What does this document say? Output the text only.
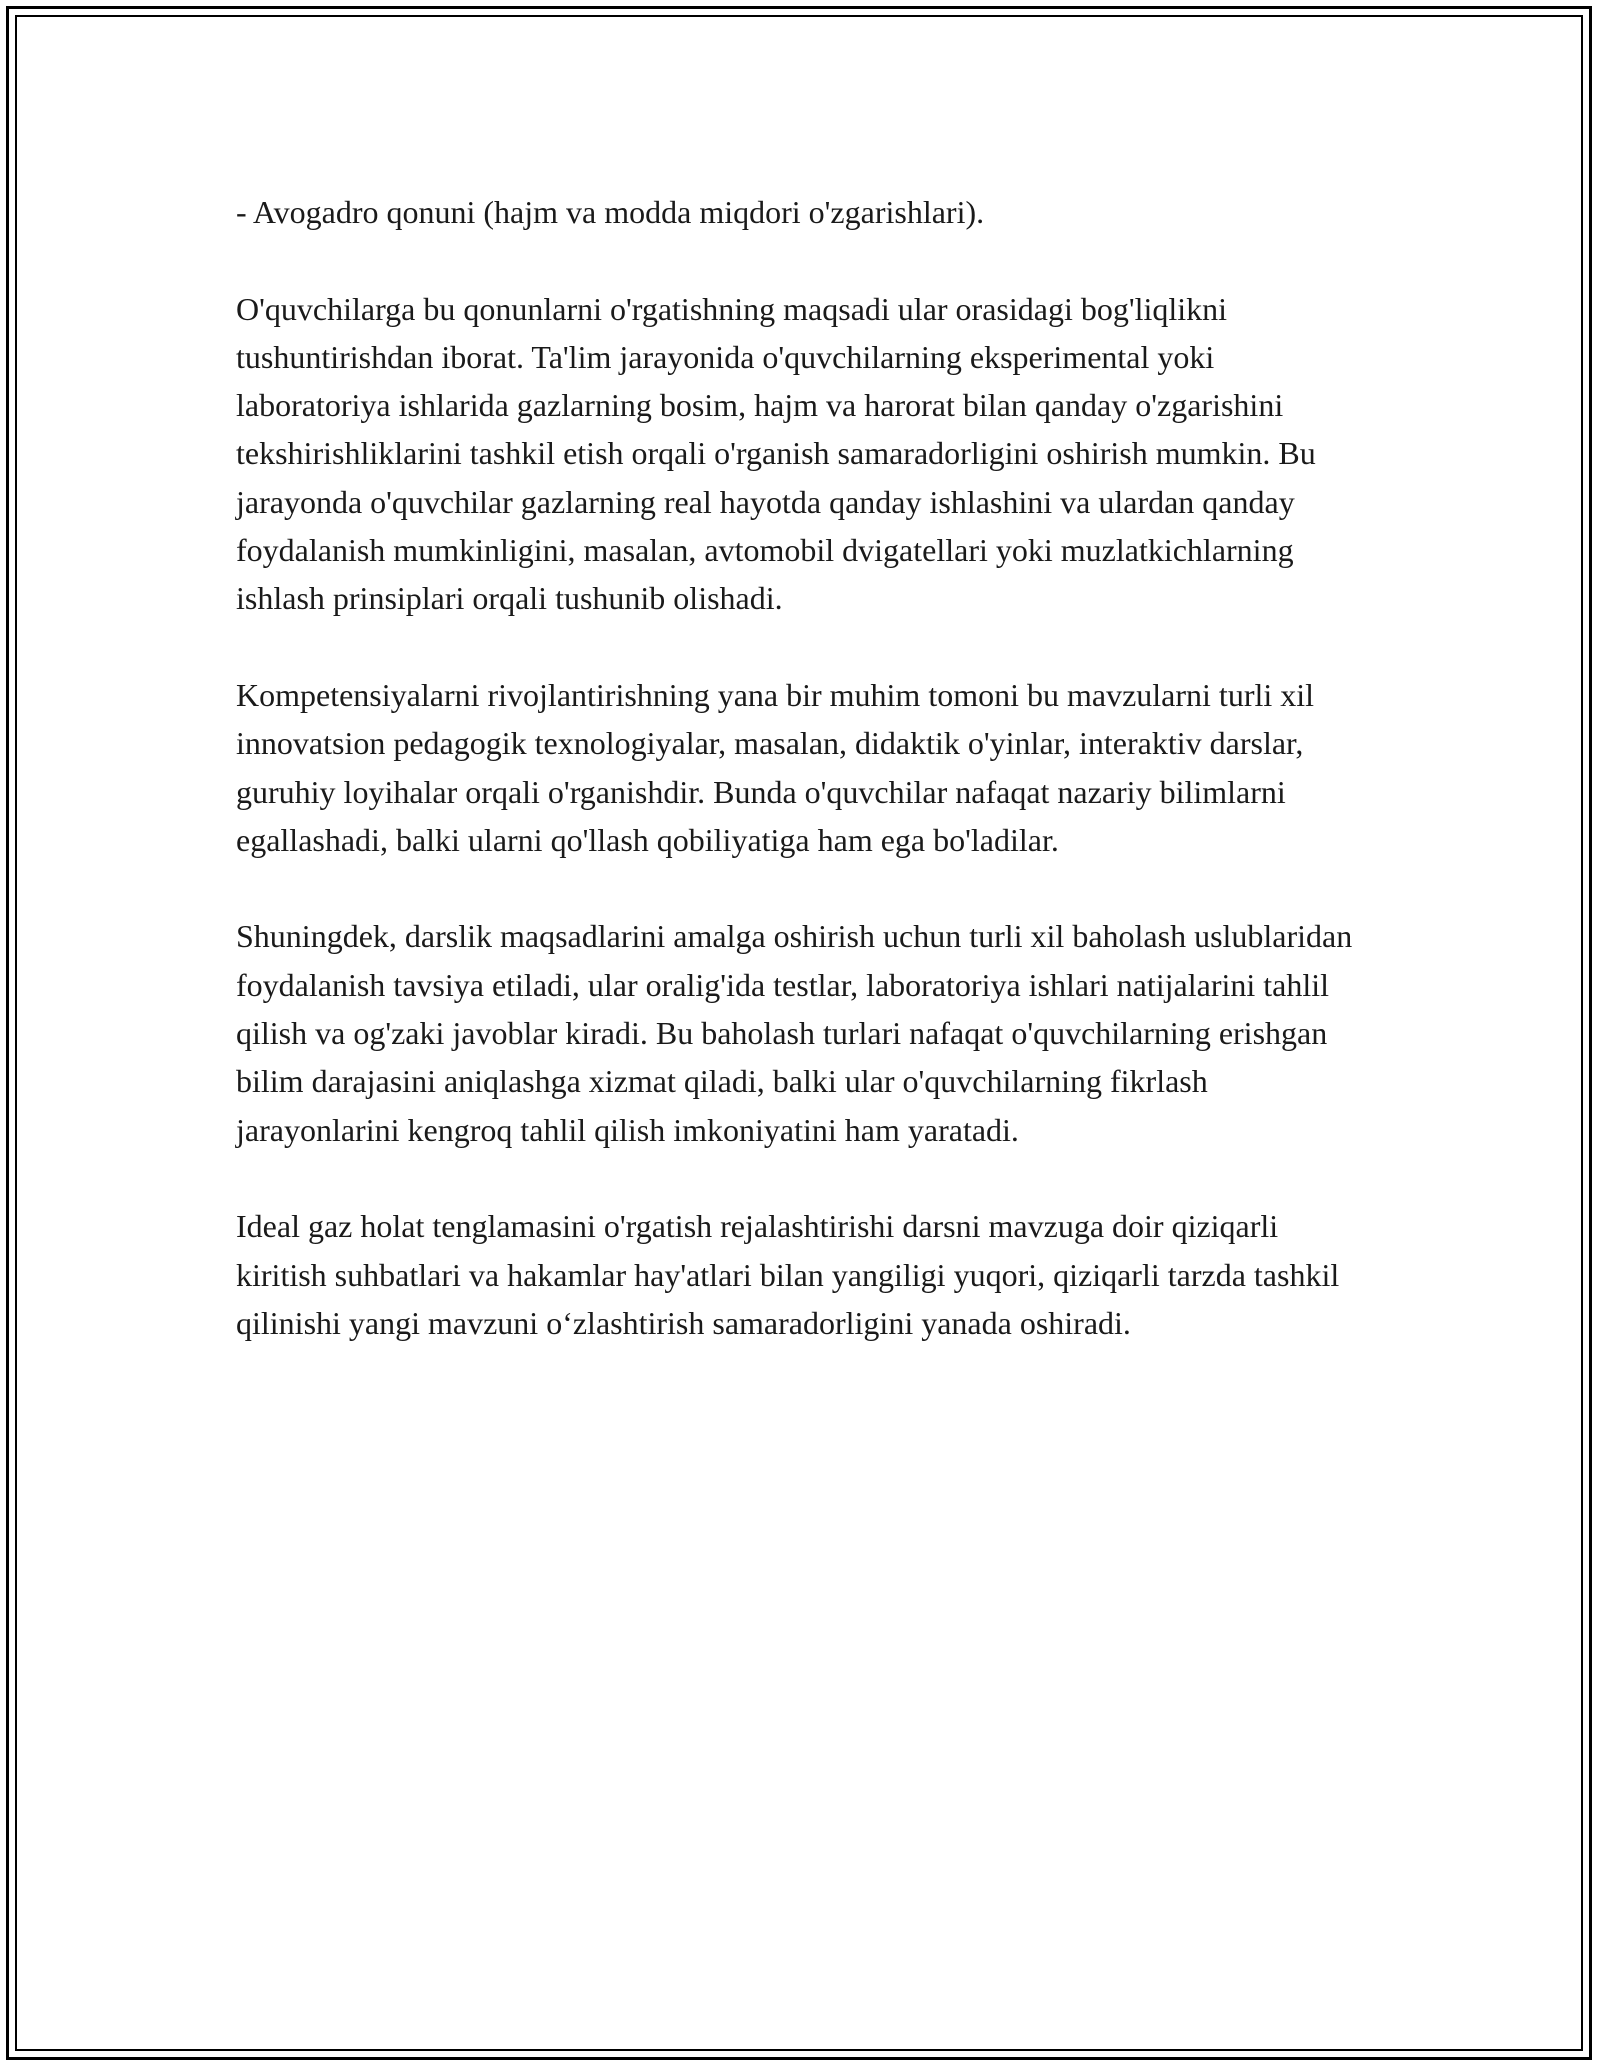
- Avogadro qonuni (hajm va modda miqdori o'zgarishlari).

O'quvchilarga bu qonunlarni o'rgatishning maqsadi ular orasidagi bog'liqlikni tushuntirishdan iborat. Ta'lim jarayonida o'quvchilarning eksperimental yoki laboratoriya ishlarida gazlarning bosim, hajm va harorat bilan qanday o'zgarishini tekshirishliklarini tashkil etish orqali o'rganish samaradorligini oshirish mumkin. Bu jarayonda o'quvchilar gazlarning real hayotda qanday ishlashini va ulardan qanday foydalanish mumkinligini, masalan, avtomobil dvigatellari yoki muzlatkichlarning ishlash prinsiplari orqali tushunib olishadi.

Kompetensiyalarni rivojlantirishning yana bir muhim tomoni bu mavzularni turli xil innovatsion pedagogik texnologiyalar, masalan, didaktik o'yinlar, interaktiv darslar, guruhiy loyihalar orqali o'rganishdir. Bunda o'quvchilar nafaqat nazariy bilimlarni egallashadi, balki ularni qo'llash qobiliyatiga ham ega bo'ladilar.

Shuningdek, darslik maqsadlarini amalga oshirish uchun turli xil baholash uslublaridan foydalanish tavsiya etiladi, ular oralig'ida testlar, laboratoriya ishlari natijalarini tahlil qilish va og'zaki javoblar kiradi. Bu baholash turlari nafaqat o'quvchilarning erishgan bilim darajasini aniqlashga xizmat qiladi, balki ular o'quvchilarning fikrlash jarayonlarini kengroq tahlil qilish imkoniyatini ham yaratadi.

Ideal gaz holat tenglamasini o'rgatish rejalashtirishi darsni mavzuga doir qiziqarli kiritish suhbatlari va hakamlar hay'atlari bilan yangiligi yuqori, qiziqarli tarzda tashkil qilinishi yangi mavzuni o‘zlashtirish samaradorligini yanada oshiradi.
